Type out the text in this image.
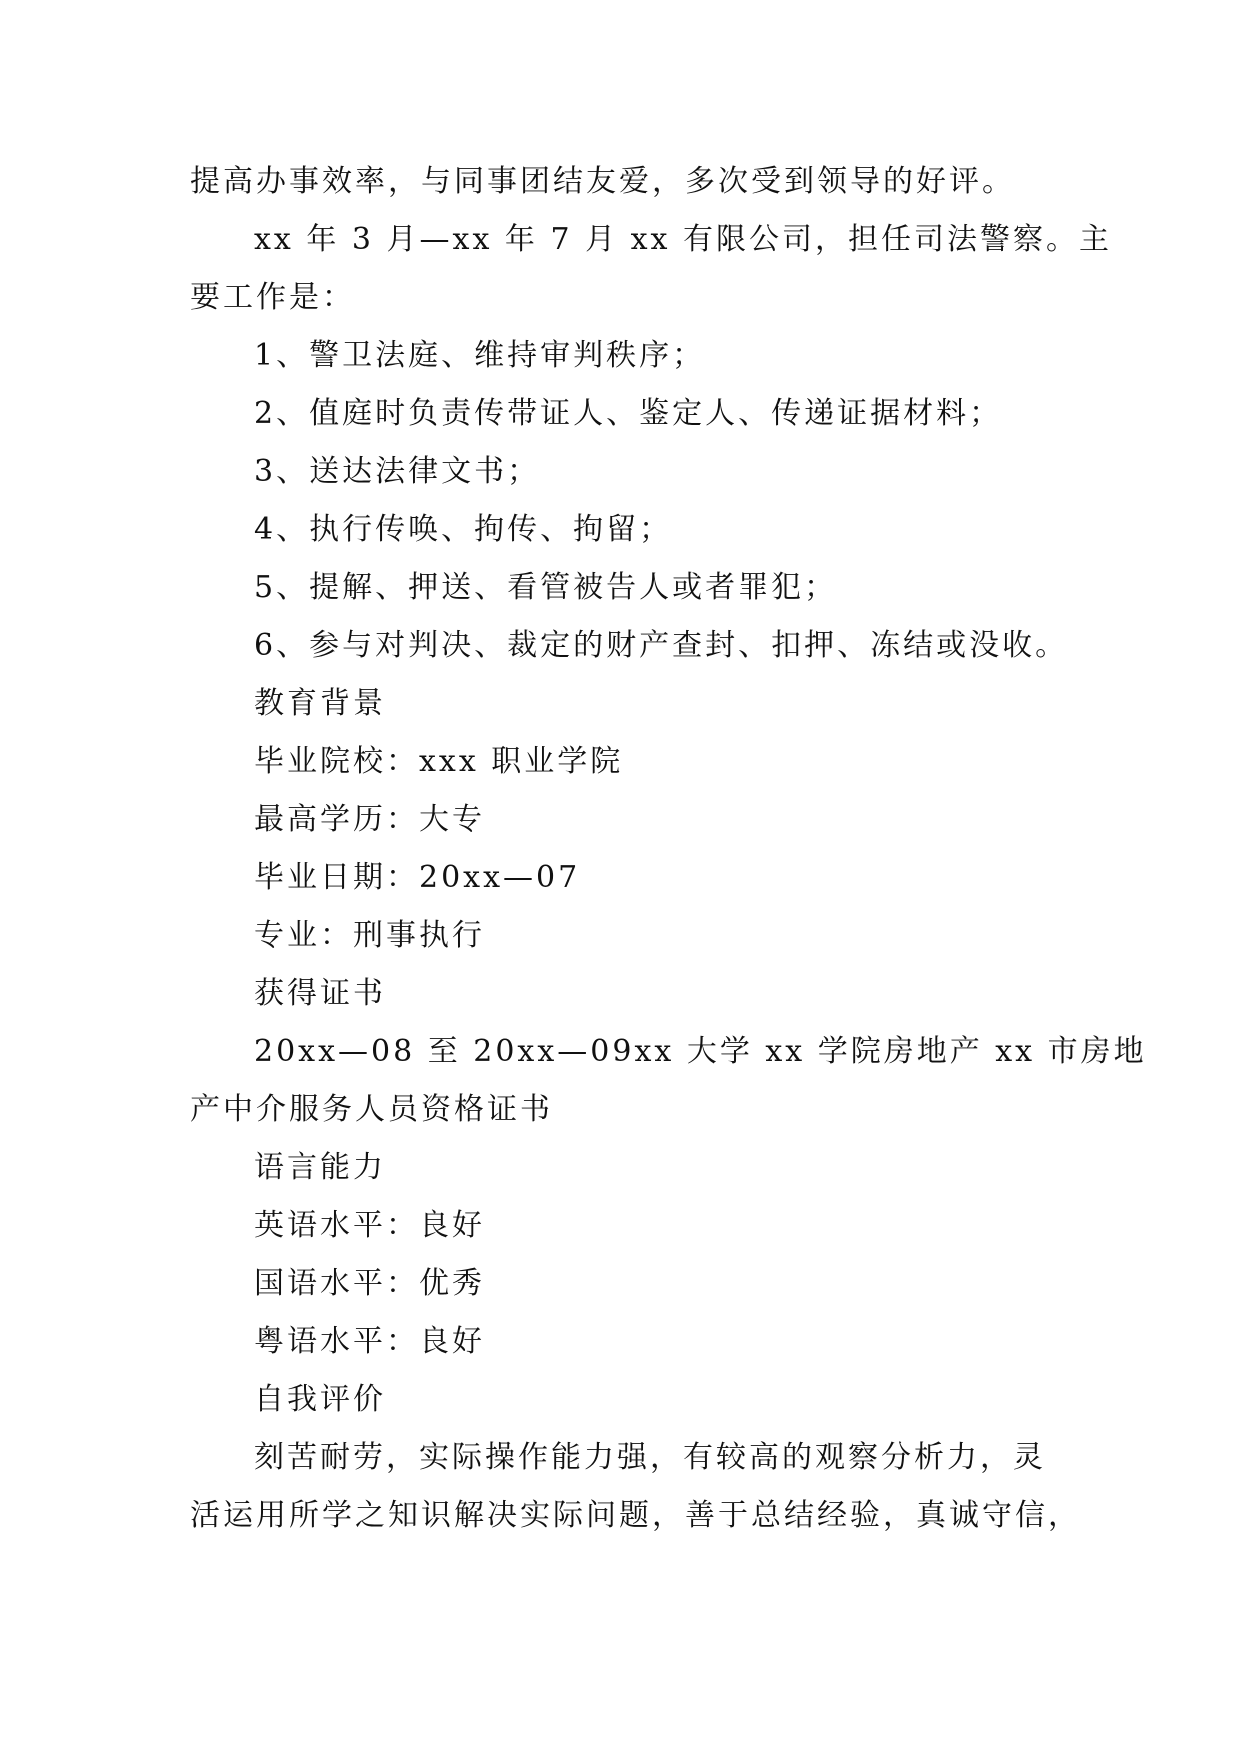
提高办事效率，与同事团结友爱，多次受到领导的好评。
xx 年 3 月—xx 年 7 月 xx 有限公司，担任司法警察。主
要工作是：
1、警卫法庭、维持审判秩序；
2、值庭时负责传带证人、鉴定人、传递证据材料；
3、送达法律文书；
4、执行传唤、拘传、拘留；
5、提解、押送、看管被告人或者罪犯；
6、参与对判决、裁定的财产查封、扣押、冻结或没收。
教育背景
毕业院校：xxx 职业学院
最高学历：大专
毕业日期：20xx—07
专业：刑事执行
获得证书
20xx—08 至 20xx—09xx 大学 xx 学院房地产 xx 市房地
产中介服务人员资格证书
语言能力
英语水平：良好
国语水平：优秀
粤语水平：良好
自我评价
刻苦耐劳，实际操作能力强，有较高的观察分析力，灵
活运用所学之知识解决实际问题，善于总结经验，真诚守信，
